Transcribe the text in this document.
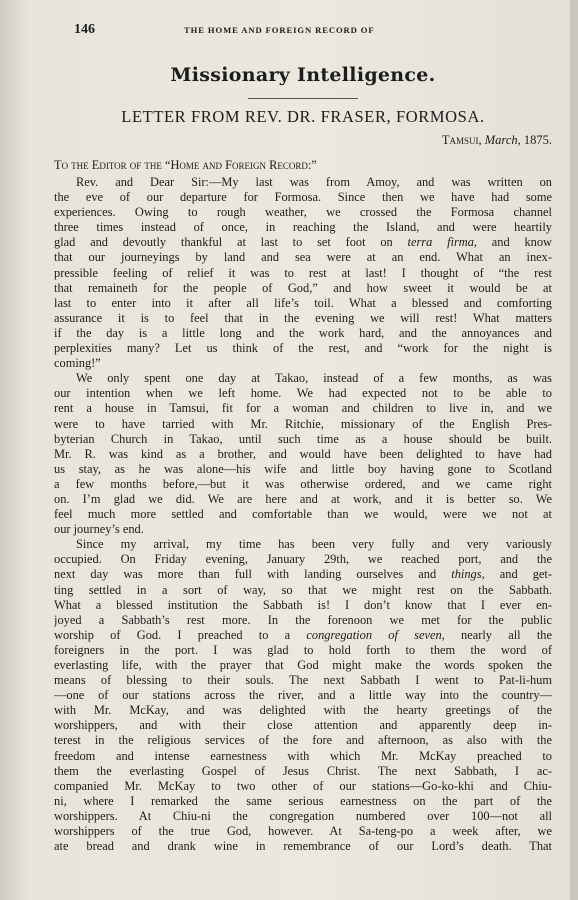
146	THE HOME AND FOREIGN RECORD OF
Missionary Intelligence.
LETTER FROM REV. DR. FRASER, FORMOSA.
Tamsui, March, 1875.
To the Editor of the “Home and Foreign Record:”
Rev. and Dear Sir:—My last was from Amoy, and was written on
the eve of our departure for Formosa. Since then we have had some
experiences. Owing to rough weather, we crossed the Formosa channel
three times instead of once, in reaching the Island, and were heartily
glad and devoutly thankful at last to set foot on terra firma, and know
that our journeyings by land and sea were at an end. What an inex-
pressible feeling of relief it was to rest at last! I thought of “the rest
that remaineth for the people of God,” and how sweet it would be at
last to enter into it after all life’s toil. What a blessed and comforting
assurance it is to feel that in the evening we will rest! What matters
if the day is a little long and the work hard, and the annoyances and
perplexities many? Let us think of the rest, and “work for the night is
coming!”
We only spent one day at Takao, instead of a few months, as was
our intention when we left home. We had expected not to be able to
rent a house in Tamsui, fit for a woman and children to live in, and we
were to have tarried with Mr. Ritchie, missionary of the English Pres-
byterian Church in Takao, until such time as a house should be built.
Mr. R. was kind as a brother, and would have been delighted to have had
us stay, as he was alone—his wife and little boy having gone to Scotland
a few months before,—but it was otherwise ordered, and we came right
on. I’m glad we did. We are here and at work, and it is better so. We
feel much more settled and comfortable than we would, were we not at
our journey’s end.
Since my arrival, my time has been very fully and very variously
occupied. On Friday evening, January 29th, we reached port, and the
next day was more than full with landing ourselves and things, and get-
ting settled in a sort of way, so that we might rest on the Sabbath.
What a blessed institution the Sabbath is! I don’t know that I ever en-
joyed a Sabbath’s rest more. In the forenoon we met for the public
worship of God. I preached to a congregation of seven, nearly all the
foreigners in the port. I was glad to hold forth to them the word of
everlasting life, with the prayer that God might make the words spoken the
means of blessing to their souls. The next Sabbath I went to Pat-li-hum
—one of our stations across the river, and a little way into the country—
with Mr. McKay, and was delighted with the hearty greetings of the
worshippers, and with their close attention and apparently deep in-
terest in the religious services of the fore and afternoon, as also with the
freedom and intense earnestness with which Mr. McKay preached to
them the everlasting Gospel of Jesus Christ. The next Sabbath, I ac-
companied Mr. McKay to two other of our stations—Go-ko-khi and Chiu-
ni, where I remarked the same serious earnestness on the part of the
worshippers. At Chiu-ni the congregation numbered over 100—not all
worshippers of the true God, however. At Sa-teng-po a week after, we
ate bread and drank wine in remembrance of our Lord’s death. That
